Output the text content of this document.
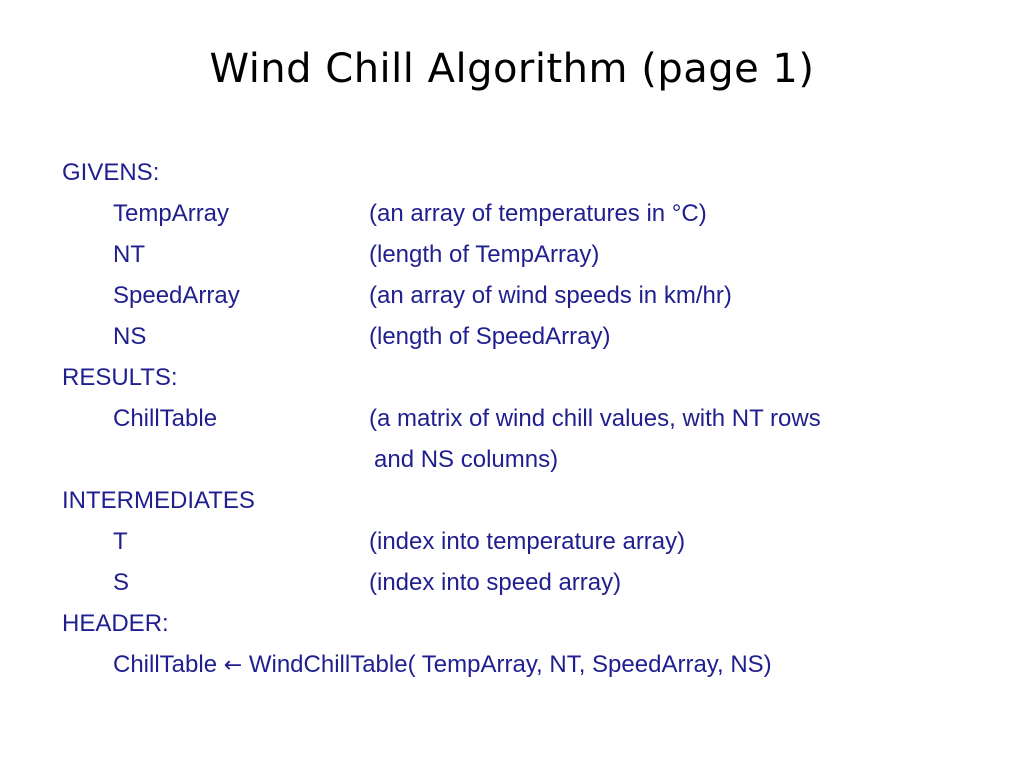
Wind Chill Algorithm (page 1)
GIVENS:
TempArray	(an array of temperatures in °C)
NT	(length of TempArray)
SpeedArray	(an array of wind speeds in km/hr)
NS	(length of SpeedArray)
RESULTS:
ChillTable	(a matrix of wind chill values, with NT rows
and NS columns)
INTERMEDIATES
T	(index into temperature array)
S	(index into speed array)
HEADER:
ChillTable ← WindChillTable( TempArray, NT, SpeedArray, NS)
